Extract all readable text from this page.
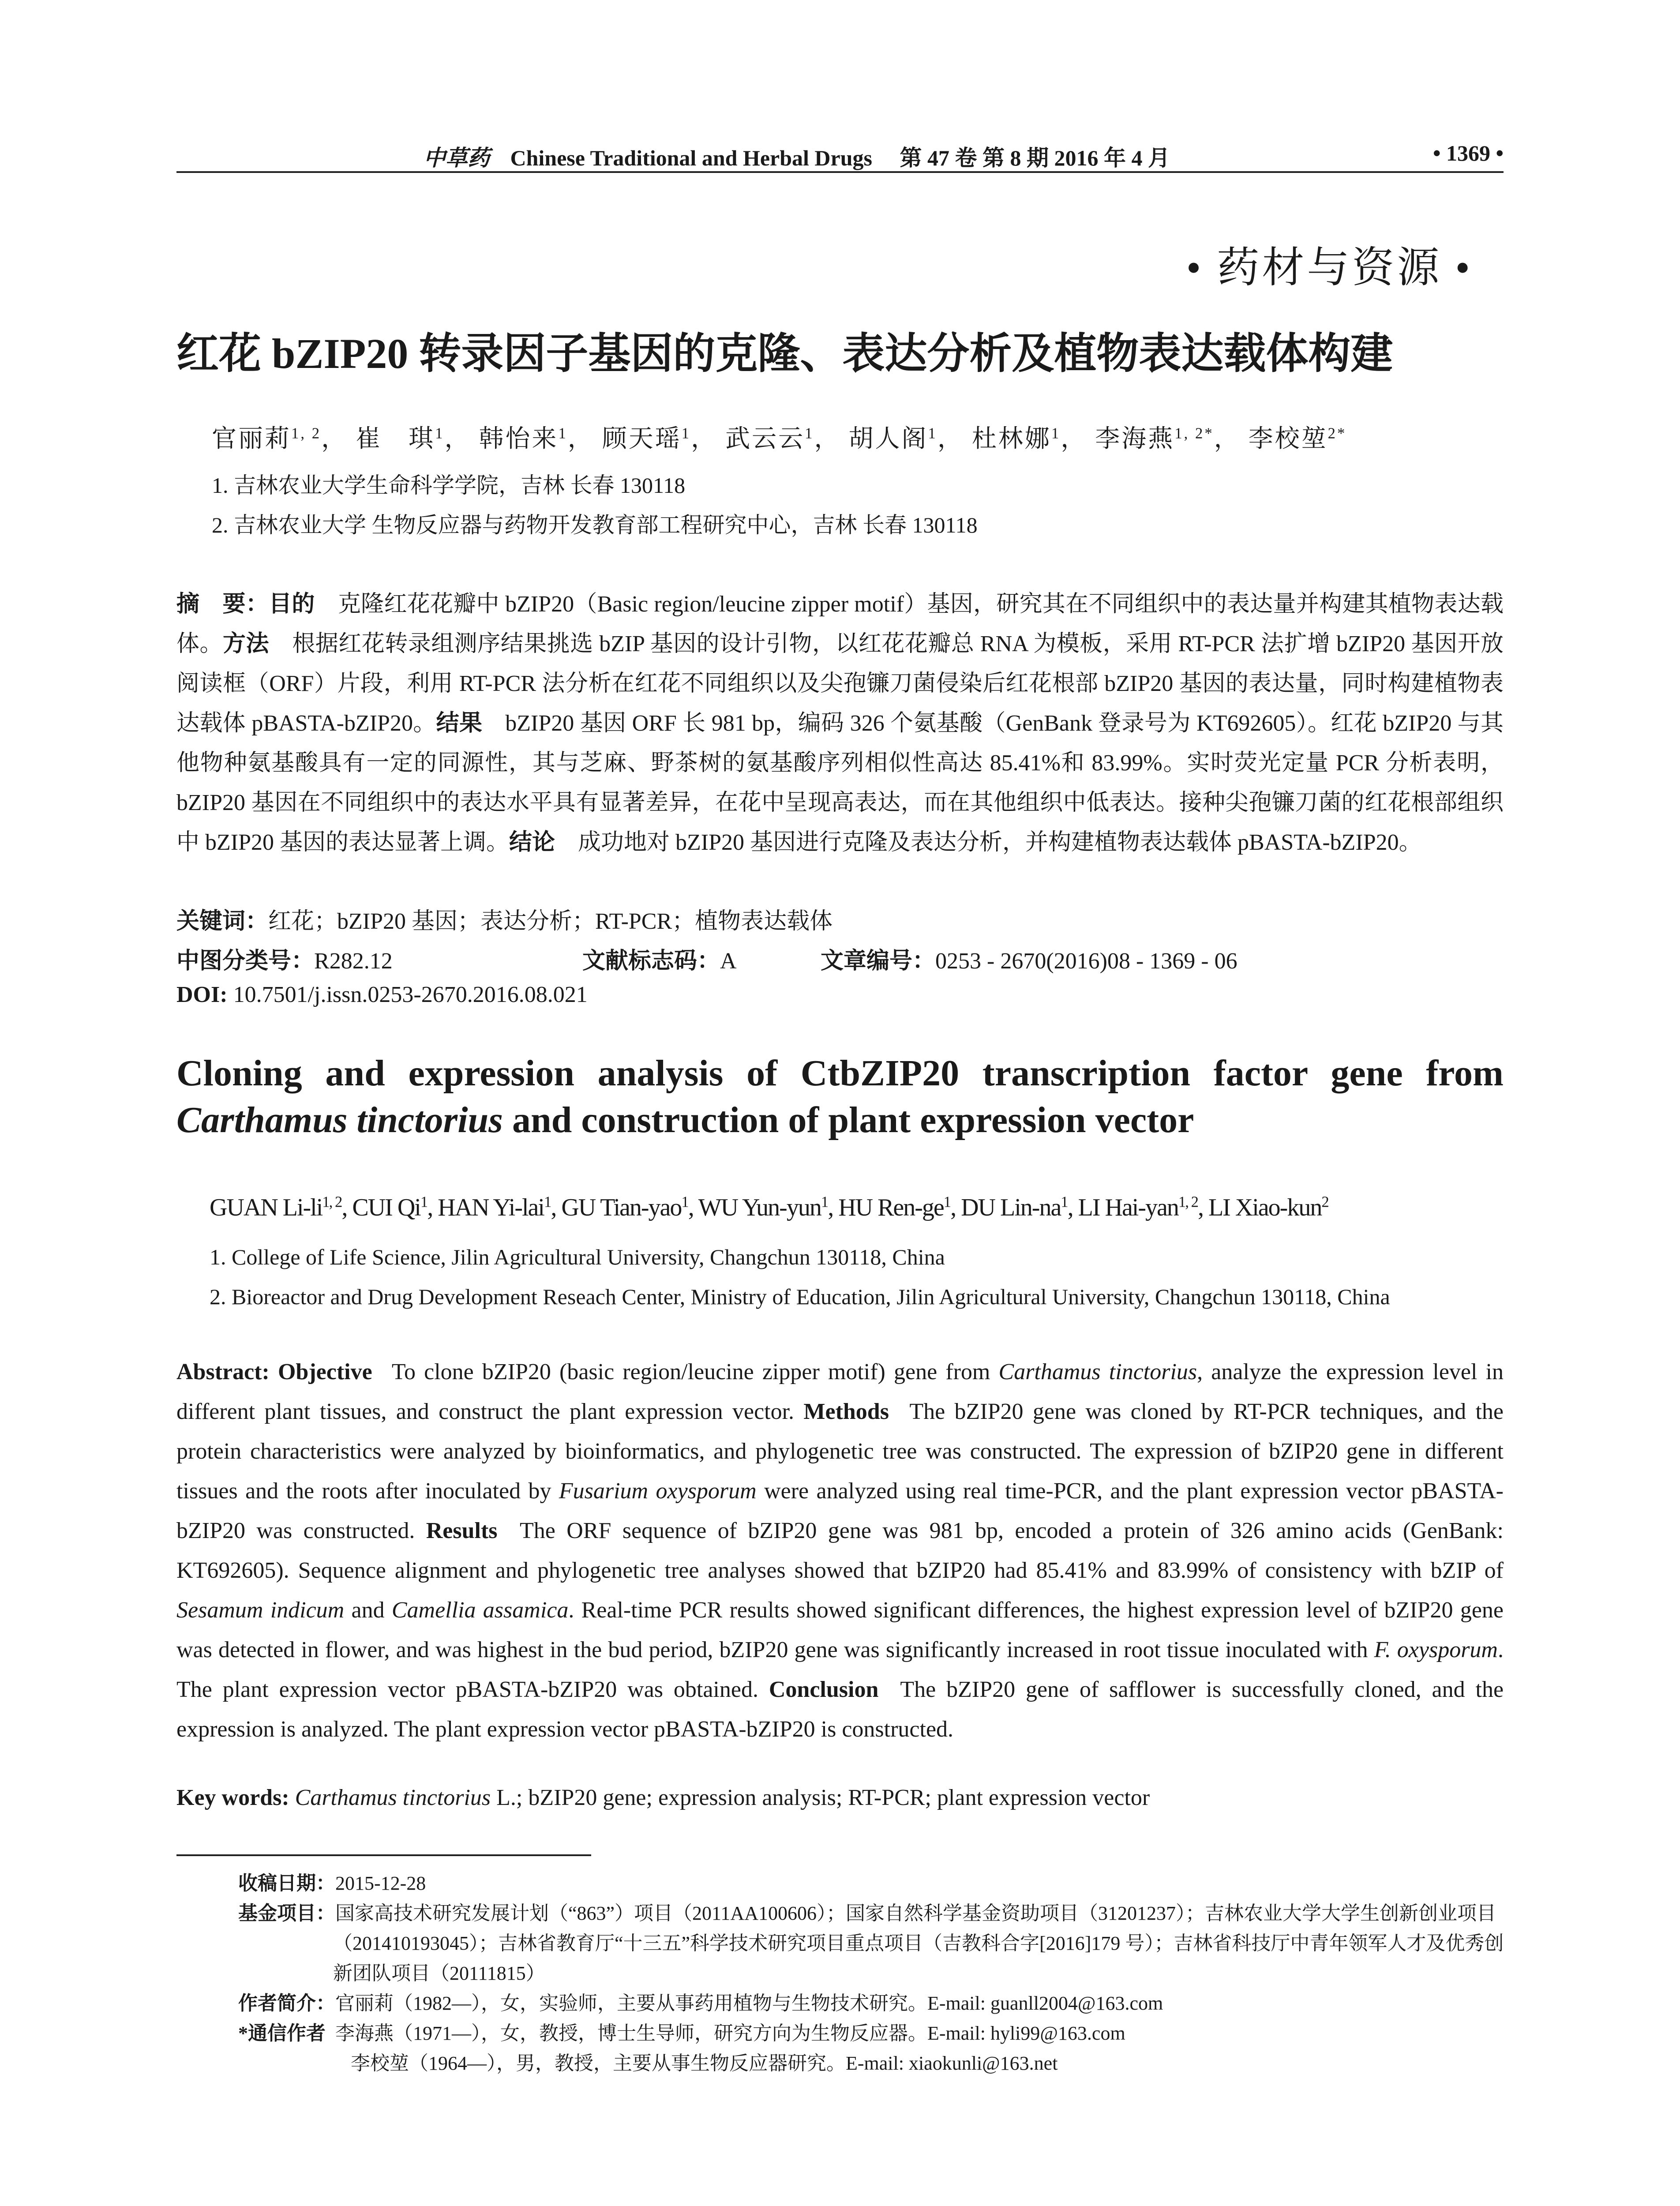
中草药 Chinese Traditional and Herbal Drugs 第 47 卷 第 8 期 2016 年 4 月	• 1369 •
• 药材与资源 •
红花 bZIP20 转录因子基因的克隆、表达分析及植物表达载体构建
官丽莉$^{1, 2}$， 崔　琪$^1$， 韩怡来$^1$， 顾天瑶$^1$， 武云云$^1$， 胡人阁$^1$， 杜林娜$^1$， 李海燕$^{1, 2*}$， 李校堃$^{2*}$
1. 吉林农业大学生命科学学院，吉林 长春 130118
2. 吉林农业大学 生物反应器与药物开发教育部工程研究中心，吉林 长春 130118
摘　要：目的  克隆红花花瓣中 bZIP20（Basic region/leucine zipper motif）基因，研究其在不同组织中的表达量并构建其植物表达载体。方法  根据红花转录组测序结果挑选 bZIP 基因的设计引物，以红花花瓣总 RNA 为模板，采用 RT-PCR 法扩增 bZIP20 基因开放阅读框（ORF）片段，利用 RT-PCR 法分析在红花不同组织以及尖孢镰刀菌侵染后红花根部 bZIP20 基因的表达量，同时构建植物表达载体 pBASTA-bZIP20。结果  bZIP20 基因 ORF 长 981 bp，编码 326 个氨基酸（GenBank 登录号为 KT692605）。红花 bZIP20 与其他物种氨基酸具有一定的同源性，其与芝麻、野茶树的氨基酸序列相似性高达 85.41%和 83.99%。实时荧光定量 PCR 分析表明，bZIP20 基因在不同组织中的表达水平具有显著差异，在花中呈现高表达，而在其他组织中低表达。接种尖孢镰刀菌的红花根部组织中 bZIP20 基因的表达显著上调。结论  成功地对 bZIP20 基因进行克隆及表达分析，并构建植物表达载体 pBASTA-bZIP20。
关键词：红花；bZIP20 基因；表达分析；RT-PCR；植物表达载体
中图分类号：R282.12	文献标志码：A	文章编号：0253 - 2670(2016)08 - 1369 - 06
DOI: 10.7501/j.issn.0253-2670.2016.08.021
Cloning and expression analysis of CtbZIP20 transcription factor gene from
Carthamus tinctorius and construction of plant expression vector
GUAN Li-li$^{1, 2}$, CUI Qi$^1$, HAN Yi-lai$^1$, GU Tian-yao$^1$, WU Yun-yun$^1$, HU Ren-$ge^1$, DU Lin-$na^1$, LI Hai-yan$^{1, 2}$, LI Xiao-kun$^2$
1. College of Life Science, Jilin Agricultural University, Changchun 130118, China
2. Bioreactor and Drug Development Reseach Center, Ministry of Education, Jilin Agricultural University, Changchun 130118, China
Abstract: Objective  To clone bZIP20 (basic region/leucine zipper motif) gene from Carthamus tinctorius, analyze the expression level in different plant tissues, and construct the plant expression vector. Methods  The bZIP20 gene was cloned by RT-PCR techniques, and the protein characteristics were analyzed by bioinformatics, and phylogenetic tree was constructed. The expression of bZIP20 gene in different tissues and the roots after inoculated by Fusarium oxysporum were analyzed using real time-PCR, and the plant expression vector pBASTA-bZIP20 was constructed. Results  The ORF sequence of bZIP20 gene was 981 bp, encoded a protein of 326 amino acids (GenBank: KT692605). Sequence alignment and phylogenetic tree analyses showed that bZIP20 had 85.41% and 83.99% of consistency with bZIP of Sesamum indicum and Camellia assamica. Real-time PCR results showed significant differences, the highest expression level of bZIP20 gene was detected in flower, and was highest in the bud period, bZIP20 gene was significantly increased in root tissue inoculated with F. oxysporum. The plant expression vector pBASTA-bZIP20 was obtained. Conclusion  The bZIP20 gene of safflower is successfully cloned, and the expression is analyzed. The plant expression vector pBASTA-bZIP20 is constructed.
Key words: Carthamus tinctorius L.; bZIP20 gene; expression analysis; RT-PCR; plant expression vector
收稿日期：2015-12-28
基金项目：国家高技术研究发展计划（“863”）项目（2011AA100606）；国家自然科学基金资助项目（31201237）；吉林农业大学大学生创新创业项目（201410193045）；吉林省教育厅“十三五”科学技术研究项目重点项目（吉教科合字[2016]179 号）；吉林省科技厅中青年领军人才及优秀创新团队项目（20111815）
作者简介：官丽莉（1982—），女，实验师，主要从事药用植物与生物技术研究。E-mail: guanll2004@163.com
*通信作者  李海燕（1971—），女，教授，博士生导师，研究方向为生物反应器。E-mail: hyli99@163.com
李校堃（1964—），男，教授，主要从事生物反应器研究。E-mail: xiaokunli@163.net
